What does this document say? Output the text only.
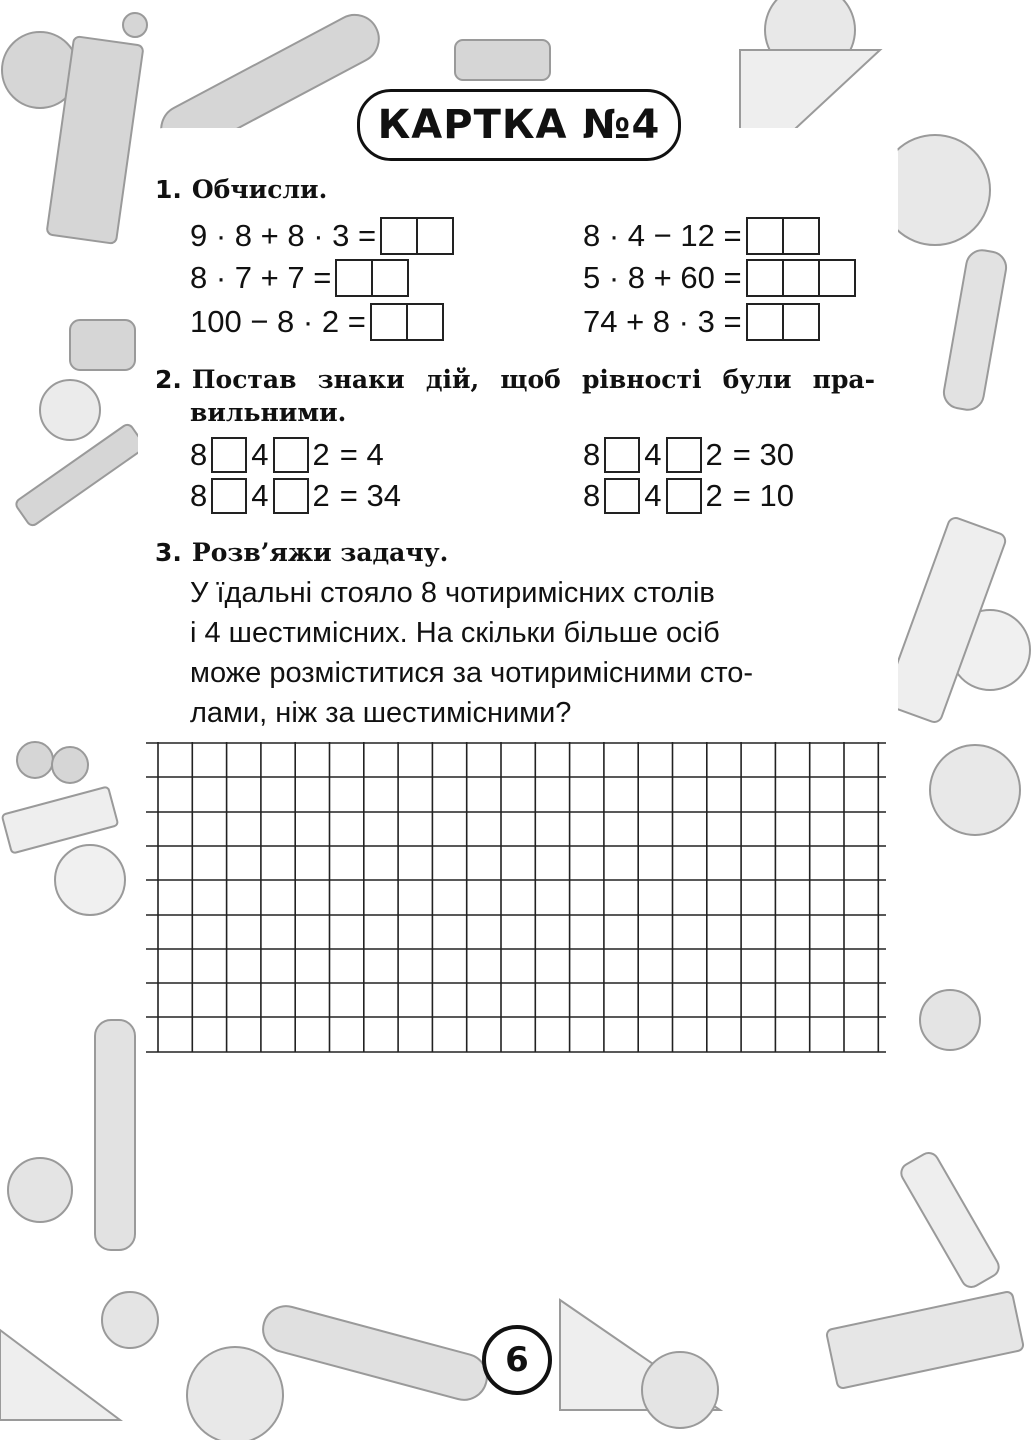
КАРТКА №4
1. Обчисли.
9 · 8 + 8 · 3 =	8 · 4 − 12 =
8 · 7 + 7 =	5 · 8 + 60 =
100 − 8 · 2 =	74 + 8 · 3 =
2. Постав знаки дій, щоб рівності були пра-
вильними.
8 4 2 = 4	8 4 2 = 30
8 4 2 = 34	8 4 2 = 10
3. Розв’яжи задачу.
У їдальні стояло 8 чотиримісних столів
і 4 шестимісних. На скільки більше осіб
може розміститися за чотиримісними сто-
лами, ніж за шестимісними?
6
